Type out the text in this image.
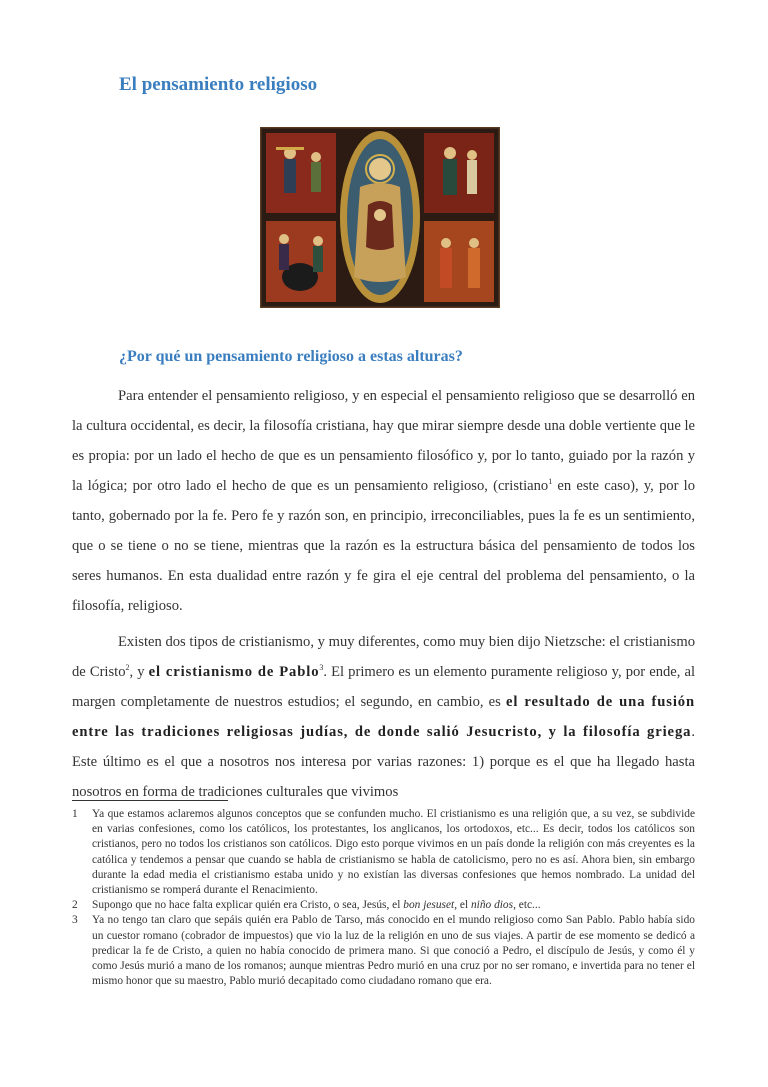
El pensamiento religioso
¿Por qué un pensamiento religioso a estas alturas?

Para entender el pensamiento religioso, y en especial el pensamiento religioso que se desarrolló en la cultura occidental, es decir, la filosofía cristiana, hay que mirar siempre desde una doble vertiente que le es propia: por un lado el hecho de que es un pensamiento filosófico y, por lo tanto, guiado por la razón y la lógica; por otro lado el hecho de que es un pensamiento religioso, (cristiano$^1$ en este caso), y, por lo tanto, gobernado por la fe. Pero fe y razón son, en principio, irreconciliables, pues la fe es un sentimiento, que o se tiene o no se tiene, mientras que la razón es la estructura básica del pensamiento de todos los seres humanos. En esta dualidad entre razón y fe gira el eje central del problema del pensamiento, o la filosofía, religioso.

Existen dos tipos de cristianismo, y muy diferentes, como muy bien dijo Nietzsche: el cristianismo de Cristo$^2$, y el cristianismo de Pablo$^3$. El primero es un elemento puramente religioso y, por ende, al margen completamente de nuestros estudios; el segundo, en cambio, es el resultado de una fusión entre las tradiciones religiosas judías, de donde salió Jesucristo, y la filosofía griega. Este último es el que a nosotros nos interesa por varias razones: 1) porque es el que ha llegado hasta nosotros en forma de tradiciones culturales que vivimos

1 Ya que estamos aclaremos algunos conceptos que se confunden mucho. El cristianismo es una religión que, a su vez, se subdivide en varias confesiones, como los católicos, los protestantes, los anglicanos, los ortodoxos, etc... Es decir, todos los católicos son cristianos, pero no todos los cristianos son católicos. Digo esto porque vivimos en un país donde la religión con más creyentes es la católica y tendemos a pensar que cuando se habla de cristianismo se habla de catolicismo, pero no es así. Ahora bien, sin embargo durante la edad media el cristianismo estaba unido y no existían las diversas confesiones que hemos nombrado. La unidad del cristianismo se romperá durante el Renacimiento.

2 Supongo que no hace falta explicar quién era Cristo, o sea, Jesús, el bon jesuset, el niño dios, etc...

3 Ya no tengo tan claro que sepáis quién era Pablo de Tarso, más conocido en el mundo religioso como San Pablo. Pablo había sido un cuestor romano (cobrador de impuestos) que vio la luz de la religión en uno de sus viajes. A partir de ese momento se dedicó a predicar la fe de Cristo, a quien no había conocido de primera mano. Si que conoció a Pedro, el discípulo de Jesús, y como él y como Jesús murió a mano de los romanos; aunque mientras Pedro murió en una cruz por no ser romano, e invertida para no tener el mismo honor que su maestro, Pablo murió decapitado como ciudadano romano que era.
